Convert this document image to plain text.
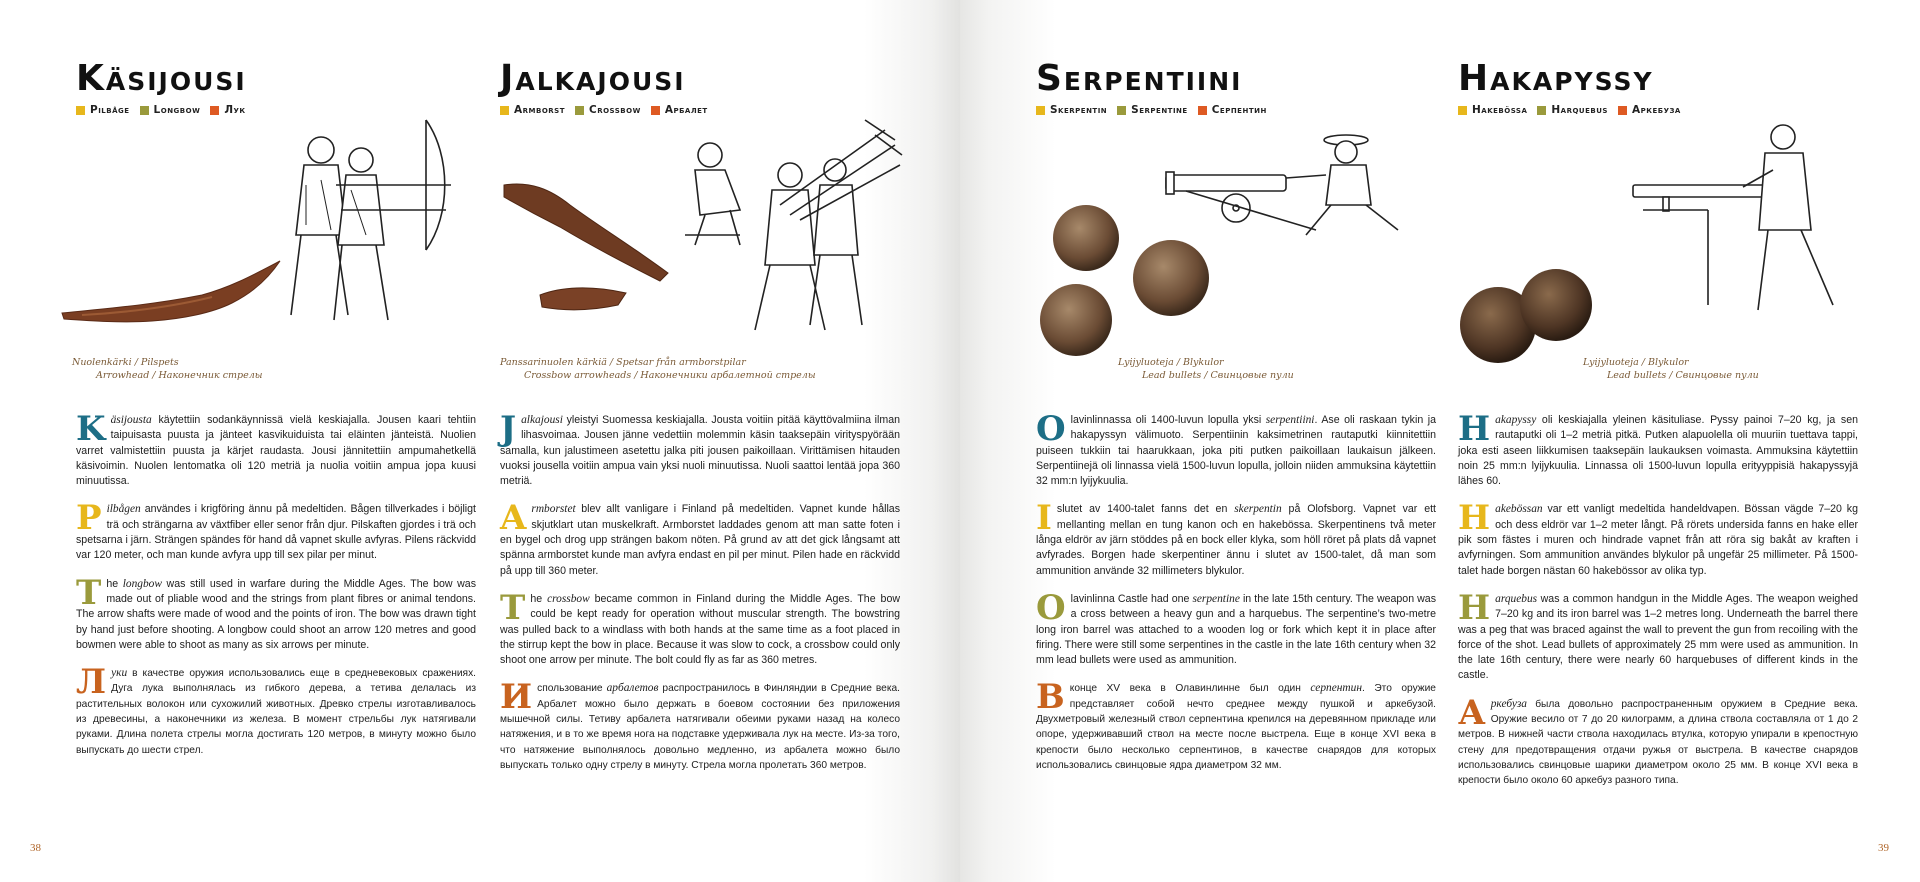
Käsijousi
Pilbåge Longbow Лук
Nuolenkärki / Pilspets
Arrowhead / Наконечник стрелы

Käsijousta käytettiin sodankäynnissä vielä keskiajalla. Jousen kaari tehtiin taipuisasta puusta ja jänteet kasvikuiduista tai eläinten jänteistä. Nuolien varret valmistettiin puusta ja kärjet raudasta. Jousi jännitettiin ampumahetkellä käsivoimin. Nuolen lentomatka oli 120 metriä ja nuolia voitiin ampua jopa kuusi minuutissa.

Pilbågen användes i krigföring ännu på medeltiden. Bågen tillverkades i böjligt trä och strängarna av växtfiber eller senor från djur. Pilskaften gjordes i trä och spetsarna i järn. Strängen spändes för hand då vapnet skulle avfyras. Pilens räckvidd var 120 meter, och man kunde avfyra upp till sex pilar per minut.

The longbow was still used in warfare during the Middle Ages. The bow was made out of pliable wood and the strings from plant fibres or animal tendons. The arrow shafts were made of wood and the points of iron. The bow was drawn tight by hand just before shooting. A longbow could shoot an arrow 120 metres and good bowmen were able to shoot as many as six arrows per minute.

Луки в качестве оружия использовались еще в средневековых сражениях. Дуга лука выполнялась из гибкого дерева, а тетива делалась из растительных волокон или сухожилий животных. Древко стрелы изготавливалось из древесины, а наконечники из железа. В момент стрельбы лук натягивали руками. Длина полета стрелы могла достигать 120 метров, в минуту можно было выпускать до шести стрел.

Jalkajousi
Armborst Crossbow Арбалет
Panssarinuolen kärkiä / Spetsar från armborstpilar
Crossbow arrowheads / Наконечники арбалетной стрелы

Jalkajousi yleistyi Suomessa keskiajalla. Jousta voitiin pitää käyttövalmiina ilman lihasvoimaa. Jousen jänne vedettiin molemmin käsin taaksepäin virityspyörään samalla, kun jalustimeen asetettu jalka piti jousen paikoillaan. Virittämisen hitauden vuoksi jousella voitiin ampua vain yksi nuoli minuutissa. Nuoli saattoi lentää jopa 360 metriä.

Armborstet blev allt vanligare i Finland på medeltiden. Vapnet kunde hållas skjutklart utan muskelkraft. Armborstet laddades genom att man satte foten i en bygel och drog upp strängen bakom nöten. På grund av att det gick långsamt att spänna armborstet kunde man avfyra endast en pil per minut. Pilen hade en räckvidd på upp till 360 meter.

The crossbow became common in Finland during the Middle Ages. The bow could be kept ready for operation without muscular strength. The bowstring was pulled back to a windlass with both hands at the same time as a foot placed in the stirrup kept the bow in place. Because it was slow to cock, a crossbow could only shoot one arrow per minute. The bolt could fly as far as 360 metres.

Использование арбалетов распространилось в Финляндии в Средние века. Арбалет можно было держать в боевом состоянии без приложения мышечной силы. Тетиву арбалета натягивали обеими руками назад на колесо натяжения, и в то же время нога на подставке удерживала лук на месте. Из-за того, что натяжение выполнялось довольно медленно, из арбалета можно было выпускать только одну стрелу в минуту. Стрела могла пролетать 360 метров.

38
Serpentiini
Skerpentin Serpentine Серпентин
Lyijyluoteja / Blykulor
Lead bullets / Свинцовые пули

Olavinlinnassa oli 1400-luvun lopulla yksi serpentiini. Ase oli raskaan tykin ja hakapyssyn välimuoto. Serpentiinin kaksimetrinen rautaputki kiinnitettiin puiseen tukkiin tai haarukkaan, joka piti putken paikoillaan laukaisun jälkeen. Serpentiinejä oli linnassa vielä 1500-luvun lopulla, jolloin niiden ammuksina käytettiin 32 mm:n lyijykuulia.

I slutet av 1400-talet fanns det en skerpentin på Olofsborg. Vapnet var ett mellanting mellan en tung kanon och en hakebössa. Skerpentinens två meter långa eldrör av järn stöddes på en bock eller klyka, som höll röret på plats då vapnet avfyrades. Borgen hade skerpentiner ännu i slutet av 1500-talet, då man som ammunition använde 32 millimeters blykulor.

Olavinlinna Castle had one serpentine in the late 15th century. The weapon was a cross between a heavy gun and a harquebus. The serpentine’s two-metre long iron barrel was attached to a wooden log or fork which kept it in place after firing. There were still some serpentines in the castle in the late 16th century when 32 mm lead bullets were used as ammunition.

В конце XV века в Олавинлинне был один серпентин. Это оружие представляет собой нечто среднее между пушкой и аркебузой. Двухметровый железный ствол серпентина крепился на деревянном прикладе или опоре, удерживавший ствол на месте после выстрела. Еще в конце XVI века в крепости было несколько серпентинов, в качестве снарядов для которых использовались свинцовые ядра диаметром 32 мм.

Hakapyssy
Hakebössa Harquebus Аркебуза
Lyijyluoteja / Blykulor
Lead bullets / Свинцовые пули

Hakapyssy oli keskiajalla yleinen käsituliase. Pyssy painoi 7–20 kg, ja sen rautaputki oli 1–2 metriä pitkä. Putken alapuolella oli muuriin tuettava tappi, joka esti aseen liikkumisen taaksepäin laukauksen voimasta. Ammuksina käytettiin noin 25 mm:n lyijykuulia. Linnassa oli 1500-luvun lopulla erityyppisiä hakapyssyjä lähes 60.

Hakebössan var ett vanligt medeltida handeldvapen. Bössan vägde 7–20 kg och dess eldrör var 1–2 meter långt. På rörets undersida fanns en hake eller pik som fästes i muren och hindrade vapnet från att röra sig bakåt av kraften i avfyrningen. Som ammunition användes blykulor på ungefär 25 millimeter. På 1500-talet hade borgen nästan 60 hakebössor av olika typ.

Harquebus was a common handgun in the Middle Ages. The weapon weighed 7–20 kg and its iron barrel was 1–2 metres long. Underneath the barrel there was a peg that was braced against the wall to prevent the gun from recoiling with the force of the shot. Lead bullets of approximately 25 mm were used as ammunition. In the late 16th century, there were nearly 60 harquebuses of different kinds in the castle.

Аркебуза была довольно распространенным оружием в Средние века. Оружие весило от 7 до 20 килограмм, а длина ствола составляла от 1 до 2 метров. В нижней части ствола находилась втулка, которую упирали в крепостную стену для предотвращения отдачи ружья от выстрела. В качестве снарядов использовались свинцовые шарики диаметром около 25 мм. В конце XVI века в крепости было около 60 аркебуз разного типа.

39
